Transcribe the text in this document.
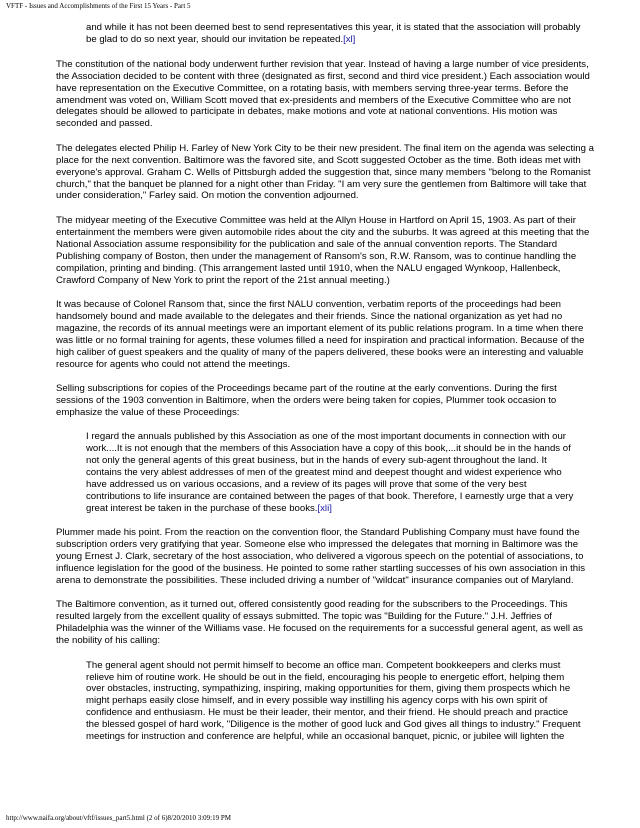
VFTF - Issues and Accomplishments of the First 15 Years - Part 5

and while it has not been deemed best to send representatives this year, it is stated that the association will probably be glad to do so next year, should our invitation be repeated.[xl]

The constitution of the national body underwent further revision that year. Instead of having a large number of vice presidents, the Association decided to be content with three (designated as first, second and third vice president.) Each association would have representation on the Executive Committee, on a rotating basis, with members serving three-year terms. Before the amendment was voted on, William Scott moved that ex-presidents and members of the Executive Committee who are not delegates should be allowed to participate in debates, make motions and vote at national conventions. His motion was seconded and passed.

The delegates elected Philip H. Farley of New York City to be their new president. The final item on the agenda was selecting a place for the next convention. Baltimore was the favored site, and Scott suggested October as the time. Both ideas met with everyone's approval. Graham C. Wells of Pittsburgh added the suggestion that, since many members "belong to the Romanist church," that the banquet be planned for a night other than Friday. "I am very sure the gentlemen from Baltimore will take that under consideration," Farley said. On motion the convention adjourned.

The midyear meeting of the Executive Committee was held at the Allyn House in Hartford on April 15, 1903. As part of their entertainment the members were given automobile rides about the city and the suburbs. It was agreed at this meeting that the National Association assume responsibility for the publication and sale of the annual convention reports. The Standard Publishing company of Boston, then under the management of Ransom's son, R.W. Ransom, was to continue handling the compilation, printing and binding. (This arrangement lasted until 1910, when the NALU engaged Wynkoop, Hallenbeck, Crawford Company of New York to print the report of the 21st annual meeting.)

It was because of Colonel Ransom that, since the first NALU convention, verbatim reports of the proceedings had been handsomely bound and made available to the delegates and their friends. Since the national organization as yet had no magazine, the records of its annual meetings were an important element of its public relations program. In a time when there was little or no formal training for agents, these volumes filled a need for inspiration and practical information. Because of the high caliber of guest speakers and the quality of many of the papers delivered, these books were an interesting and valuable resource for agents who could not attend the meetings.

Selling subscriptions for copies of the Proceedings became part of the routine at the early conventions. During the first sessions of the 1903 convention in Baltimore, when the orders were being taken for copies, Plummer took occasion to emphasize the value of these Proceedings:

I regard the annuals published by this Association as one of the most important documents in connection with our work....It is not enough that the members of this Association have a copy of this book,...it should be in the hands of not only the general agents of this great business, but in the hands of every sub-agent throughout the land. It contains the very ablest addresses of men of the greatest mind and deepest thought and widest experience who have addressed us on various occasions, and a review of its pages will prove that some of the very best contributions to life insurance are contained between the pages of that book. Therefore, I earnestly urge that a very great interest be taken in the purchase of these books.[xli]

Plummer made his point. From the reaction on the convention floor, the Standard Publishing Company must have found the subscription orders very gratifying that year. Someone else who impressed the delegates that morning in Baltimore was the young Ernest J. Clark, secretary of the host association, who delivered a vigorous speech on the potential of associations, to influence legislation for the good of the business. He pointed to some rather startling successes of his own association in this arena to demonstrate the possibilities. These included driving a number of "wildcat" insurance companies out of Maryland.

The Baltimore convention, as it turned out, offered consistently good reading for the subscribers to the Proceedings. This resulted largely from the excellent quality of essays submitted. The topic was "Building for the Future." J.H. Jeffries of Philadelphia was the winner of the Williams vase. He focused on the requirements for a successful general agent, as well as the nobility of his calling:

The general agent should not permit himself to become an office man. Competent bookkeepers and clerks must relieve him of routine work. He should be out in the field, encouraging his people to energetic effort, helping them over obstacles, instructing, sympathizing, inspiring, making opportunities for them, giving them prospects which he might perhaps easily close himself, and in every possible way instilling his agency corps with his own spirit of confidence and enthusiasm. He must be their leader, their mentor, and their friend. He should preach and practice the blessed gospel of hard work, "Diligence is the mother of good luck and God gives all things to industry." Frequent meetings for instruction and conference are helpful, while an occasional banquet, picnic, or jubilee will lighten the

http://www.naifa.org/about/vftf/issues_part5.html (2 of 6)8/20/2010 3:09:19 PM
